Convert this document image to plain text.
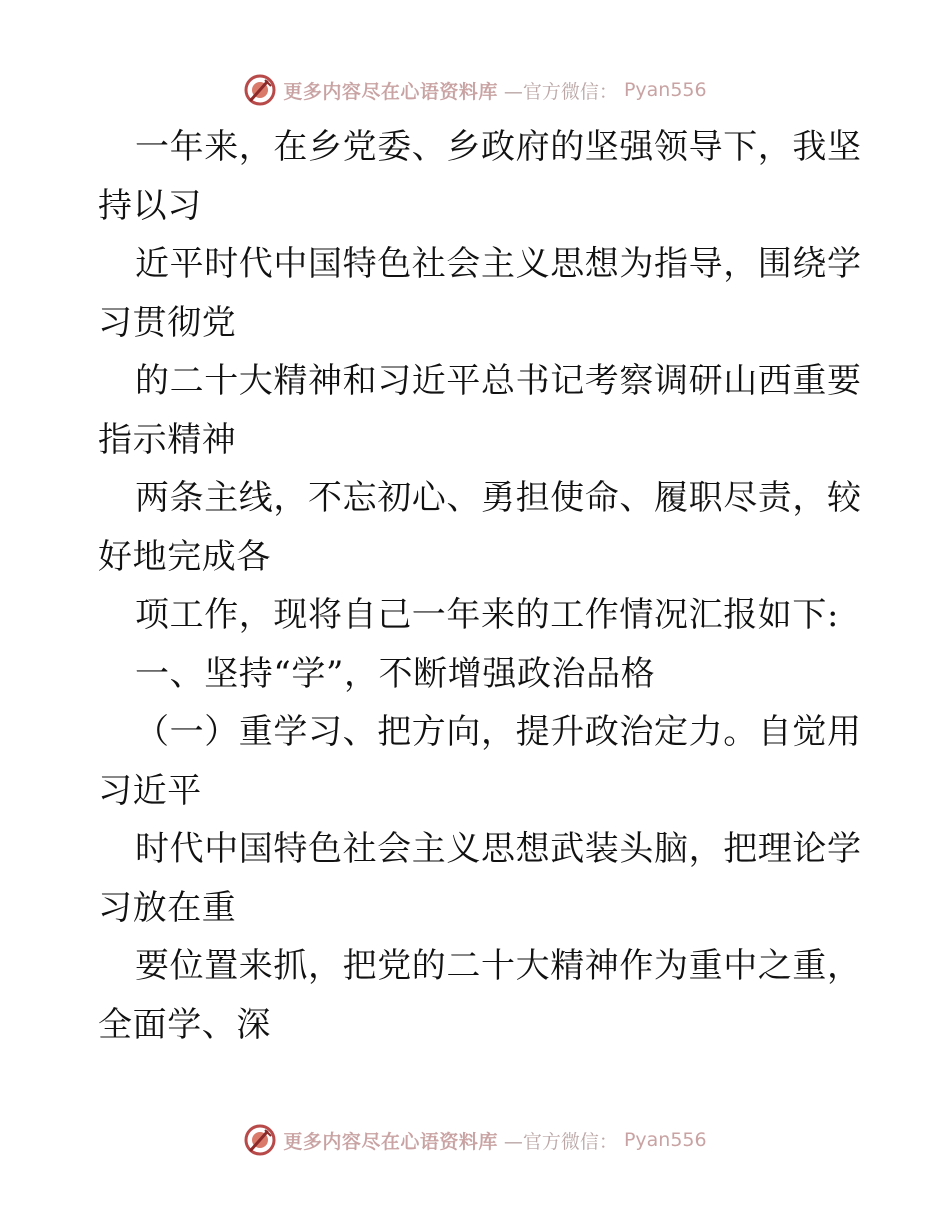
更多内容尽在心语资料库 —官方微信： Pyan556
一年来，在乡党委、乡政府的坚强领导下，我坚
持以习
近平时代中国特色社会主义思想为指导，围绕学
习贯彻党
的二十大精神和习近平总书记考察调研山西重要
指示精神
两条主线，不忘初心、勇担使命、履职尽责，较
好地完成各
项工作，现将自己一年来的工作情况汇报如下:
一、坚持“学”，不断增强政治品格
（一）重学习、把方向，提升政治定力。自觉用
习近平
时代中国特色社会主义思想武装头脑，把理论学
习放在重
要位置来抓，把党的二十大精神作为重中之重，
全面学、深
更多内容尽在心语资料库 —官方微信： Pyan556
